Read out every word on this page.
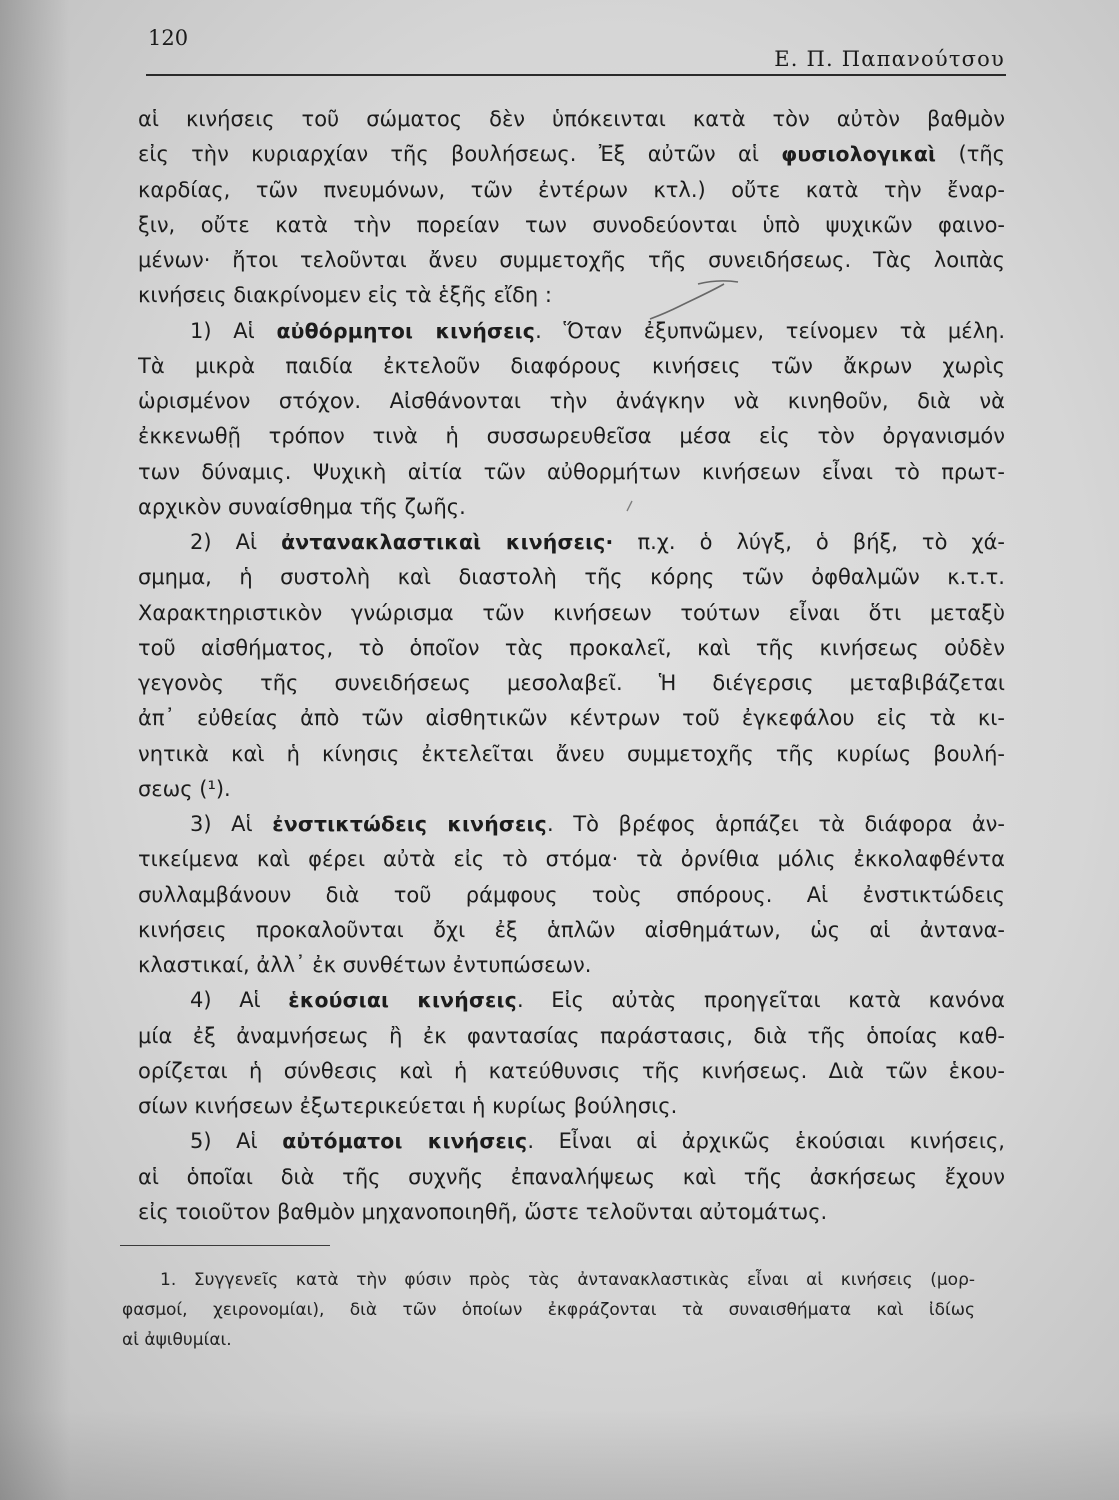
120
Ε. Π. Παπανούτσου
αἱ κινήσεις τοῦ σώματος δὲν ὑπόκεινται κατὰ τὸν αὐτὸν βαθμὸν
εἰς τὴν κυριαρχίαν τῆς βουλήσεως. Ἐξ αὐτῶν αἱ φυσιολογικαὶ (τῆς
καρδίας, τῶν πνευμόνων, τῶν ἐντέρων κτλ.) οὔτε κατὰ τὴν ἔναρ-
ξιν, οὔτε κατὰ τὴν πορείαν των συνοδεύονται ὑπὸ ψυχικῶν φαινο-
μένων· ἤτοι τελοῦνται ἄνευ συμμετοχῆς τῆς συνειδήσεως. Τὰς λοιπὰς
κινήσεις διακρίνομεν εἰς τὰ ἑξῆς εἴδη :
1) Αἱ αὐθόρμητοι κινήσεις. Ὅταν ἐξυπνῶμεν, τείνομεν τὰ μέλη.
Τὰ μικρὰ παιδία ἐκτελοῦν διαφόρους κινήσεις τῶν ἄκρων χωρὶς
ὡρισμένον στόχον. Αἰσθάνονται τὴν ἀνάγκην νὰ κινηθοῦν, διὰ νὰ
ἐκκενωθῇ τρόπον τινὰ ἡ συσσωρευθεῖσα μέσα εἰς τὸν ὀργανισμόν
των δύναμις. Ψυχικὴ αἰτία τῶν αὐθορμήτων κινήσεων εἶναι τὸ πρωτ-
αρχικὸν συναίσθημα τῆς ζωῆς.
2) Αἱ ἀντανακλαστικαὶ κινήσεις· π.χ. ὁ λύγξ, ὁ βήξ, τὸ χά-
σμημα, ἡ συστολὴ καὶ διαστολὴ τῆς κόρης τῶν ὀφθαλμῶν κ.τ.τ.
Χαρακτηριστικὸν γνώρισμα τῶν κινήσεων τούτων εἶναι ὅτι μεταξὺ
τοῦ αἰσθήματος, τὸ ὁποῖον τὰς προκαλεῖ, καὶ τῆς κινήσεως οὐδὲν
γεγονὸς τῆς συνειδήσεως μεσολαβεῖ. Ἡ διέγερσις μεταβιβάζεται
ἀπ᾿ εὐθείας ἀπὸ τῶν αἰσθητικῶν κέντρων τοῦ ἐγκεφάλου εἰς τὰ κι-
νητικὰ καὶ ἡ κίνησις ἐκτελεῖται ἄνευ συμμετοχῆς τῆς κυρίως βουλή-
σεως (¹).
3) Αἱ ἐνστικτώδεις κινήσεις. Τὸ βρέφος ἁρπάζει τὰ διάφορα ἀν-
τικείμενα καὶ φέρει αὐτὰ εἰς τὸ στόμα· τὰ ὀρνίθια μόλις ἐκκολαφθέντα
συλλαμβάνουν διὰ τοῦ ράμφους τοὺς σπόρους. Αἱ ἐνστικτώδεις
κινήσεις προκαλοῦνται ὄχι ἐξ ἁπλῶν αἰσθημάτων, ὡς αἱ ἀντανα-
κλαστικαί, ἀλλ᾿ ἐκ συνθέτων ἐντυπώσεων.
4) Αἱ ἑκούσιαι κινήσεις. Εἰς αὐτὰς προηγεῖται κατὰ κανόνα
μία ἐξ ἀναμνήσεως ἢ ἐκ φαντασίας παράστασις, διὰ τῆς ὁποίας καθ-
ορίζεται ἡ σύνθεσις καὶ ἡ κατεύθυνσις τῆς κινήσεως. Διὰ τῶν ἑκου-
σίων κινήσεων ἐξωτερικεύεται ἡ κυρίως βούλησις.
5) Αἱ αὐτόματοι κινήσεις. Εἶναι αἱ ἀρχικῶς ἑκούσιαι κινήσεις,
αἱ ὁποῖαι διὰ τῆς συχνῆς ἐπαναλήψεως καὶ τῆς ἀσκήσεως ἔχουν
εἰς τοιοῦτον βαθμὸν μηχανοποιηθῆ, ὥστε τελοῦνται αὐτομάτως.
1. Συγγενεῖς κατὰ τὴν φύσιν πρὸς τὰς ἀντανακλαστικὰς εἶναι αἱ κινήσεις (μορ-
φασμοί, χειρονομίαι), διὰ τῶν ὁποίων ἐκφράζονται τὰ συναισθήματα καὶ ἰδίως
αἱ ἀψιθυμίαι.
